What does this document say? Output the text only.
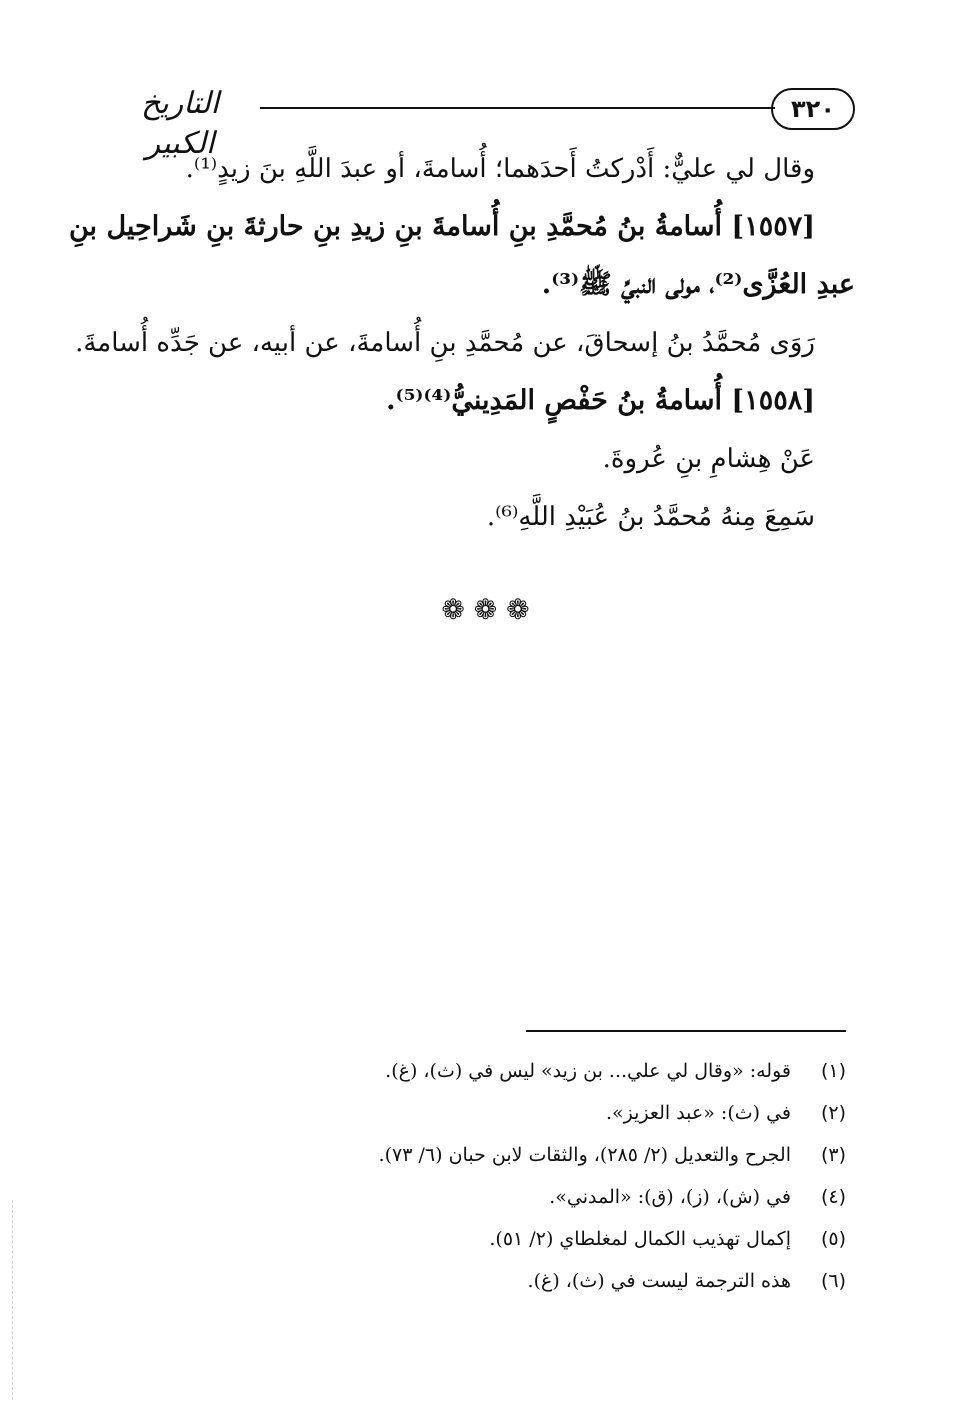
٣٢٠
التاريخ الكبير
وقال لي عليٌّ: أَدْركتُ أَحدَهما؛ أُسامةَ، أو عبدَ اللَّهِ بنَ زيدٍ⁽¹⁾.
[١٥٥٧] أُسامةُ بنُ مُحمَّدِ بنِ أُسامةَ بنِ زيدِ بنِ حارثةَ بنِ شَراحِيل بنِ
عبدِ العُزَّى⁽²⁾، مولى النبيِّ ﷺ⁽³⁾.
رَوَى مُحمَّدُ بنُ إسحاقَ، عن مُحمَّدِ بنِ أُسامةَ، عن أبيه، عن جَدِّه أُسامةَ.
[١٥٥٨] أُسامةُ بنُ حَفْصٍ المَدِينيُّ⁽⁴⁾⁽⁵⁾.
عَنْ هِشامِ بنِ عُروةَ.
سَمِعَ مِنهُ مُحمَّدُ بنُ عُبَيْدِ اللَّهِ⁽⁶⁾.
❁ ❁ ❁
(١)قوله: «وقال لي علي... بن زيد» ليس في (ث)، (غ).
(٢)في (ث): «عبد العزيز».
(٣)الجرح والتعديل (٢/ ٢٨٥)، والثقات لابن حبان (٦/ ٧٣).
(٤)في (ش)، (ز)، (ق): «المدني».
(٥)إكمال تهذيب الكمال لمغلطاي (٢/ ٥١).
(٦)هذه الترجمة ليست في (ث)، (غ).
